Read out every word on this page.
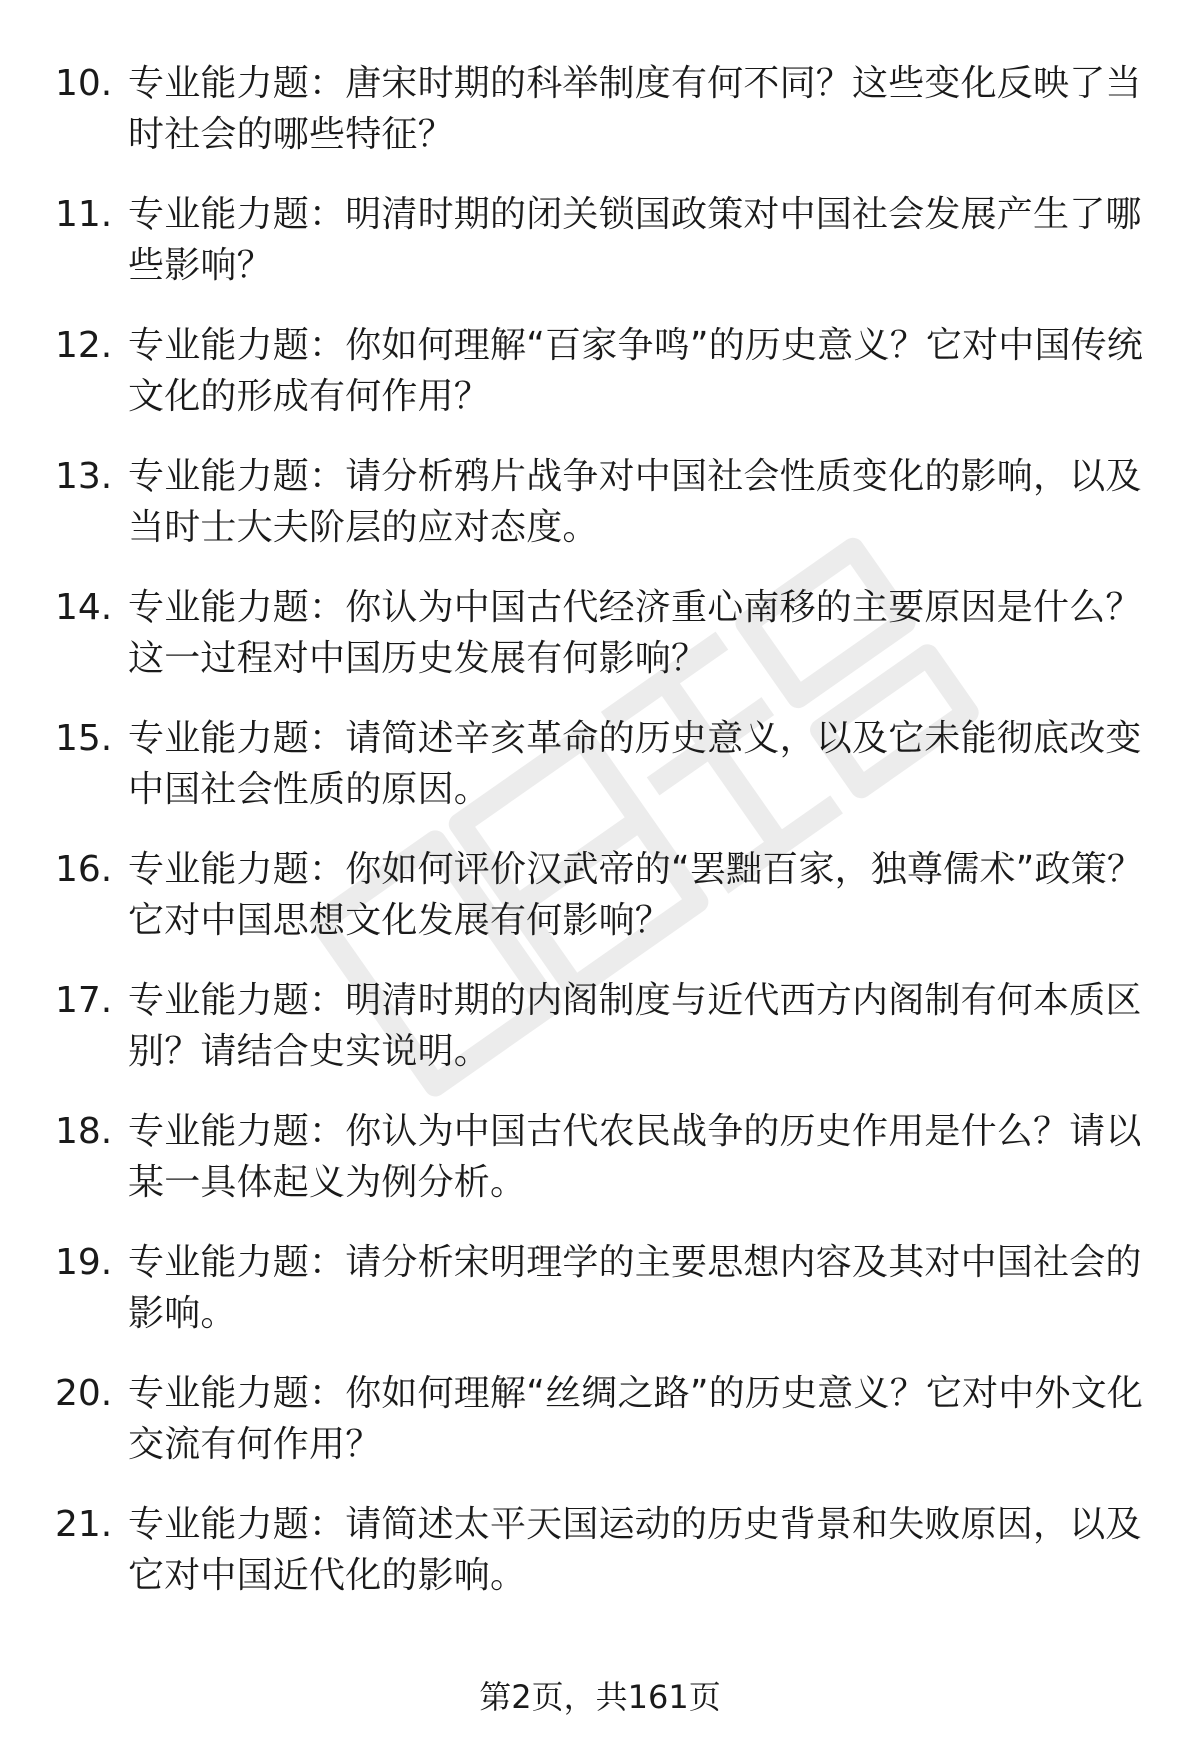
10. 专业能力题：唐宋时期的科举制度有何不同？这些变化反映了当时社会的哪些特征？
11. 专业能力题：明清时期的闭关锁国政策对中国社会发展产生了哪些影响？
12. 专业能力题：你如何理解“百家争鸣”的历史意义？它对中国传统文化的形成有何作用？
13. 专业能力题：请分析鸦片战争对中国社会性质变化的影响，以及当时士大夫阶层的应对态度。
14. 专业能力题：你认为中国古代经济重心南移的主要原因是什么？这一过程对中国历史发展有何影响？
15. 专业能力题：请简述辛亥革命的历史意义，以及它未能彻底改变中国社会性质的原因。
16. 专业能力题：你如何评价汉武帝的“罢黜百家，独尊儒术”政策？它对中国思想文化发展有何影响？
17. 专业能力题：明清时期的内阁制度与近代西方内阁制有何本质区别？请结合史实说明。
18. 专业能力题：你认为中国古代农民战争的历史作用是什么？请以某一具体起义为例分析。
19. 专业能力题：请分析宋明理学的主要思想内容及其对中国社会的影响。
20. 专业能力题：你如何理解“丝绸之路”的历史意义？它对中外文化交流有何作用？
21. 专业能力题：请简述太平天国运动的历史背景和失败原因，以及它对中国近代化的影响。
第2页，共161页
